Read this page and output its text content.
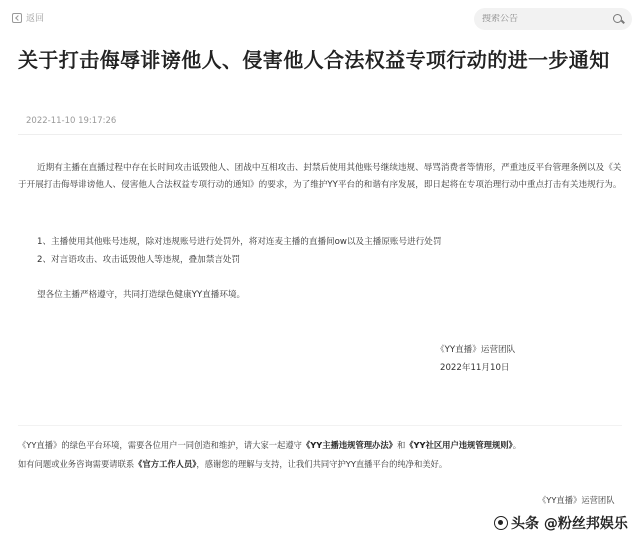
返回
搜索公告
关于打击侮辱诽谤他人、侵害他人合法权益专项行动的进一步通知
2022-11-10 19:17:26

近期有主播在直播过程中存在长时间攻击诋毁他人、团战中互相攻击、封禁后使用其他账号继续违规、辱骂消费者等情形，严重违反平台管理条例以及《关于开展打击侮辱诽谤他人、侵害他人合法权益专项行动的通知》的要求，为了维护YY平台的和谐有序发展，即日起将在专项治理行动中重点打击有关违规行为。

1、主播使用其他账号违规，除对违规账号进行处罚外，将对连麦主播的直播间ow以及主播原账号进行处罚

2、对言语攻击、攻击诋毁他人等违规，叠加禁言处罚

望各位主播严格遵守，共同打造绿色健康YY直播环境。

《YY直播》运营团队
2022年11月10日

《YY直播》的绿色平台环境，需要各位用户一同创造和维护，请大家一起遵守《YY主播违规管理办法》和《YY社区用户违规管理规则》。

如有问题或业务咨询需要请联系《官方工作人员》，感谢您的理解与支持，让我们共同守护YY直播平台的纯净和美好。

《YY直播》运营团队
头条 @粉丝邦娱乐
